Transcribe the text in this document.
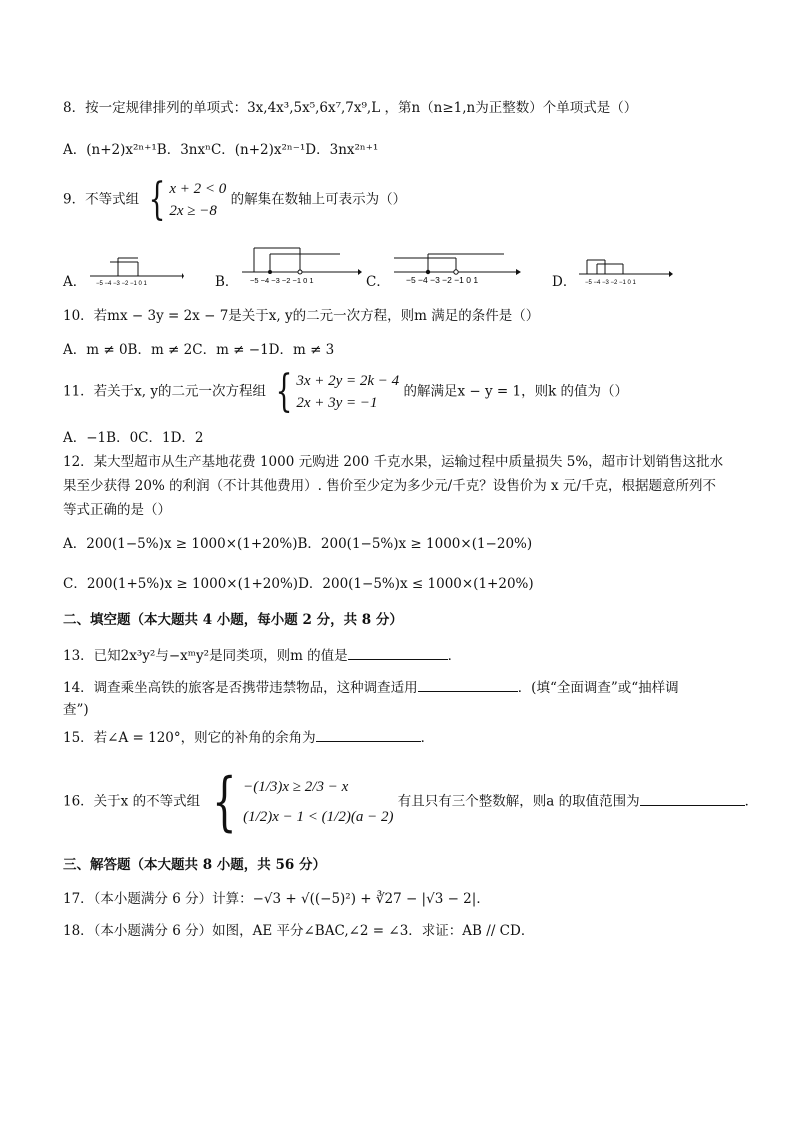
8．按一定规律排列的单项式：3x,4x³,5x⁵,6x⁷,7x⁹,L ，第n（n≥1,n为正整数）个单项式是（）
A．(n+2)x²ⁿ⁺¹B．3nxⁿC．(n+2)x²ⁿ⁻¹D．3nx²ⁿ⁺¹
9．不等式组 { x + 2 < 0
2x ≥ −8
的解集在数轴上可表示为（）
A． −5 −4 −3 −2 −1 0 1	B． −5 −4 −3 −2 −1 0 1	C． −5 −4 −3 −2 −1 0 1	D． −5 −4 −3 −2 −1 0 1
10．若mx − 3y = 2x − 7是关于x, y的二元一次方程，则m 满足的条件是（）
A．m ≠ 0B．m ≠ 2C．m ≠ −1D．m ≠ 3
11．若关于x, y的二元一次方程组 { 3x + 2y = 2k − 4
2x + 3y = −1
的解满足x − y = 1，则k 的值为（）
A．−1B．0C．1D．2
12．某大型超市从生产基地花费 1000 元购进 200 千克水果，运输过程中质量损失 5%，超市计划销售这批水
果至少获得 20% 的利润（不计其他费用）. 售价至少定为多少元/千克？设售价为 x 元/千克，根据题意所列不
等式正确的是（）
A．200(1−5%)x ≥ 1000×(1+20%)B．200(1−5%)x ≥ 1000×(1−20%)
C．200(1+5%)x ≥ 1000×(1+20%)D．200(1−5%)x ≤ 1000×(1+20%)
二、填空题（本大题共 4 小题，每小题 2 分，共 8 分）
13．已知2x³y²与−xᵐy²是同类项，则m 的值是	．
14．调查乘坐高铁的旅客是否携带违禁物品，这种调查适用	．(填“全面调查”或“抽样调
查”)
15．若∠A = 120°，则它的补角的余角为	．
16．关于x 的不等式组 { −(1/3)x ≥ 2/3 − x
(1/2)x − 1 < (1/2)(a − 2)
有且只有三个整数解，则a 的取值范围为	．
三、解答题（本大题共 8 小题，共 56 分）
17．（本小题满分 6 分）计算：−√3 + √((−5)²) + ∛27 − |√3 − 2|．
18．（本小题满分 6 分）如图，AE 平分∠BAC,∠2 = ∠3．求证：AB // CD．
